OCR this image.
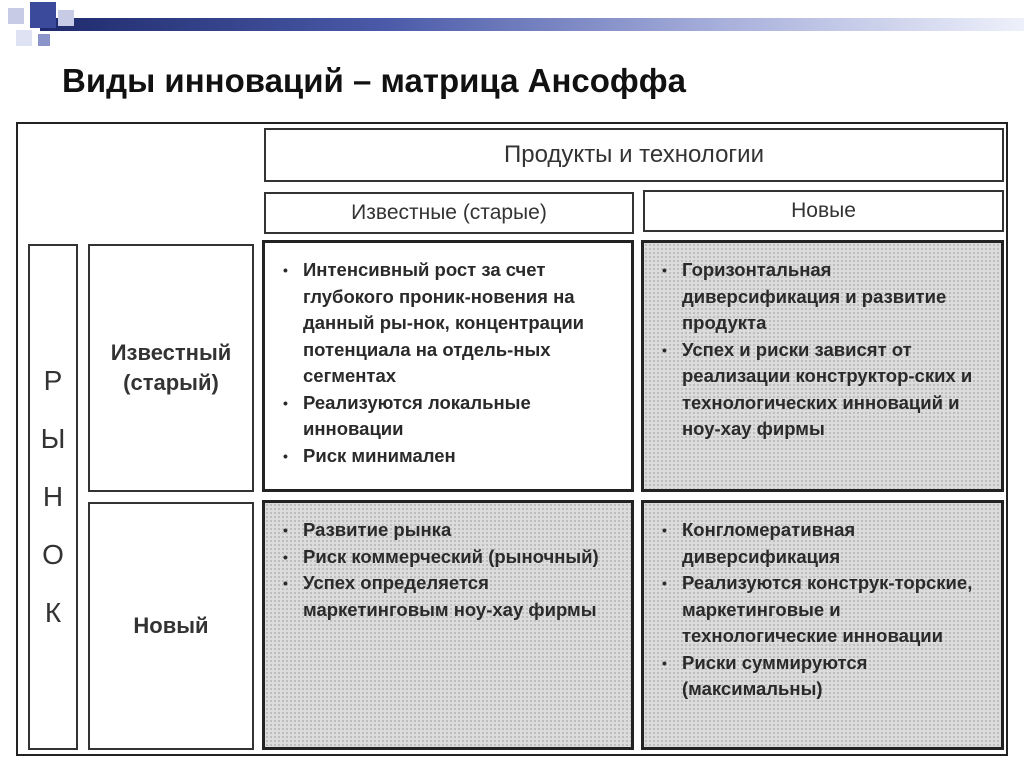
Виды инноваций – матрица Ансоффа
Продукты и технологии
Известные (старые)	Новые
Р
Ы
Н
О
К
Известный
(старый)
Новый
• Интенсивный рост за счет глубокого проник-новения на данный ры-нок, концентрации потенциала на отдель-ных сегментах
• Реализуются локальные инновации
• Риск минимален
• Горизонтальная диверсификация и развитие продукта
• Успех и риски зависят от реализации конструктор-ских и технологических инноваций и ноу-хау фирмы
• Развитие рынка
• Риск коммерческий (рыночный)
• Успех определяется маркетинговым ноу-хау фирмы
• Конгломеративная диверсификация
• Реализуются конструк-торские, маркетинговые и технологические инновации
• Риски суммируются (максимальны)
